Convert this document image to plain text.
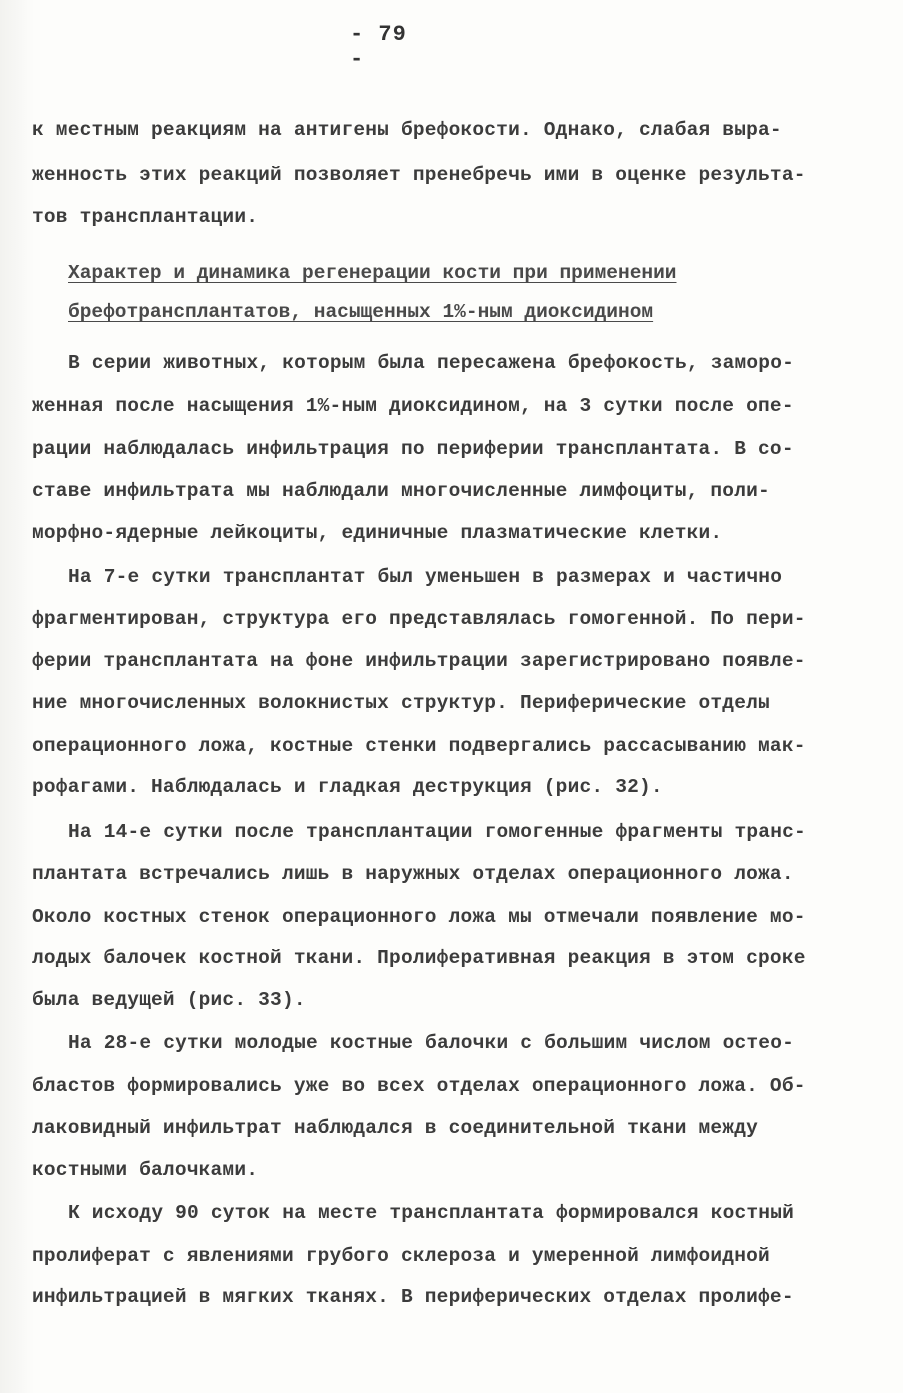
- 79 -
к местным реакциям на антигены брефокости. Однако, слабая выра-
женность этих реакций позволяет пренебречь ими в оценке результа-
тов трансплантации.
Характер и динамика регенерации кости при применении
брефотрансплантатов, насыщенных 1%-ным диоксидином
В серии животных, которым была пересажена брефокость, заморо-
женная после насыщения 1%-ным диоксидином, на 3 сутки после опе-
рации наблюдалась инфильтрация по периферии трансплантата. В со-
ставе инфильтрата мы наблюдали многочисленные лимфоциты, поли-
морфно-ядерные лейкоциты, единичные плазматические клетки.
На 7-е сутки трансплантат был уменьшен в размерах и частично
фрагментирован, структура его представлялась гомогенной. По пери-
ферии трансплантата на фоне инфильтрации зарегистрировано появле-
ние многочисленных волокнистых структур. Периферические отделы
операционного ложа, костные стенки подвергались рассасыванию мак-
рофагами. Наблюдалась и гладкая деструкция (рис. 32).
На 14-е сутки после трансплантации гомогенные фрагменты транс-
плантата встречались лишь в наружных отделах операционного ложа.
Около костных стенок операционного ложа мы отмечали появление мо-
лодых балочек костной ткани. Пролиферативная реакция в этом сроке
была ведущей (рис. 33).
На 28-е сутки молодые костные балочки с большим числом остео-
бластов формировались уже во всех отделах операционного ложа. Об-
лаковидный инфильтрат наблюдался в соединительной ткани между
костными балочками.
К исходу 90 суток на месте трансплантата формировался костный
пролиферат с явлениями грубого склероза и умеренной лимфоидной
инфильтрацией в мягких тканях. В периферических отделах пролифе-
